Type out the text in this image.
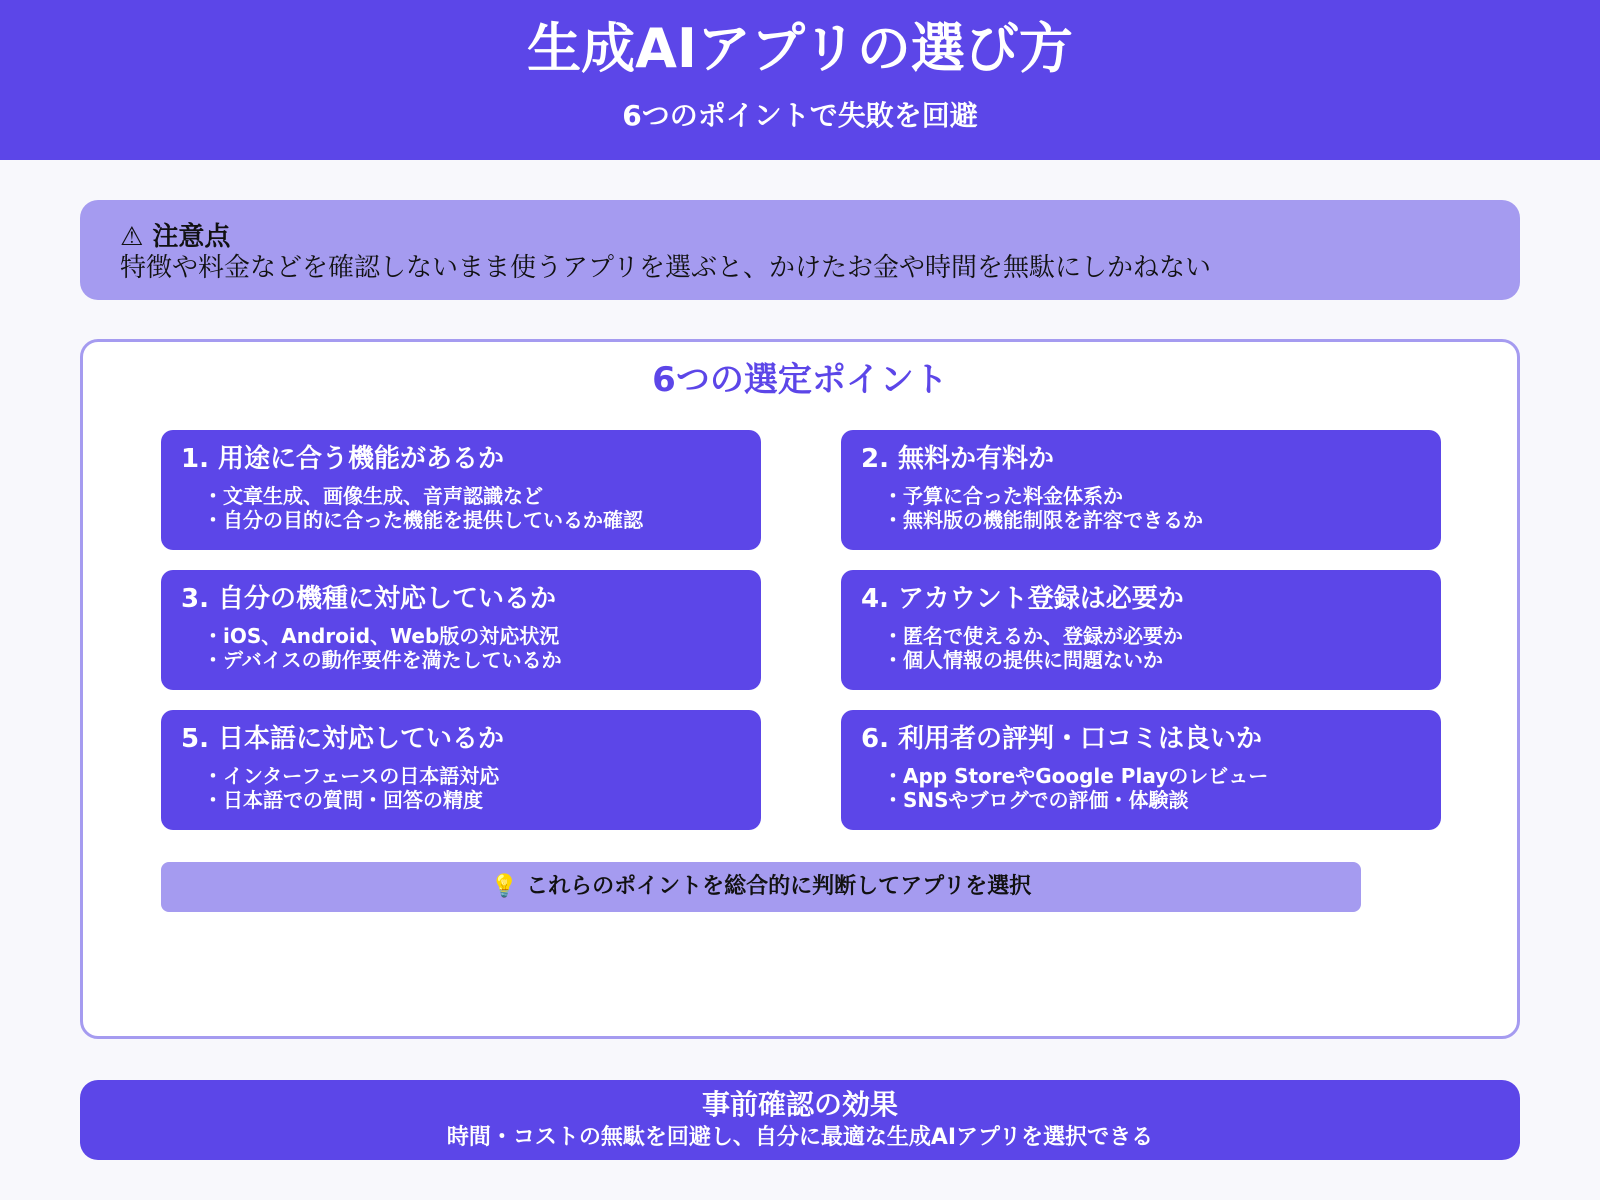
生成AIアプリの選び方
6つのポイントで失敗を回避
⚠ 注意点
特徴や料金などを確認しないまま使うアプリを選ぶと、かけたお金や時間を無駄にしかねない
6つの選定ポイント
1. 用途に合う機能があるか
・文章生成、画像生成、音声認識など
・自分の目的に合った機能を提供しているか確認
2. 無料か有料か
・予算に合った料金体系か
・無料版の機能制限を許容できるか
3. 自分の機種に対応しているか
・iOS、Android、Web版の対応状況
・デバイスの動作要件を満たしているか
4. アカウント登録は必要か
・匿名で使えるか、登録が必要か
・個人情報の提供に問題ないか
5. 日本語に対応しているか
・インターフェースの日本語対応
・日本語での質問・回答の精度
6. 利用者の評判・口コミは良いか
・App StoreやGoogle Playのレビュー
・SNSやブログでの評価・体験談
💡 これらのポイントを総合的に判断してアプリを選択
事前確認の効果
時間・コストの無駄を回避し、自分に最適な生成AIアプリを選択できる
